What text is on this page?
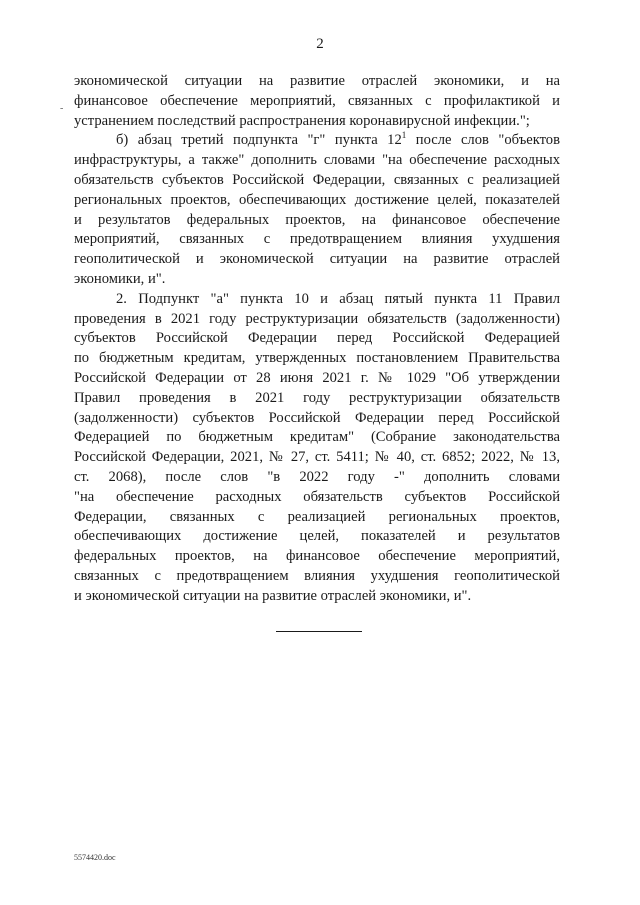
2
-

экономической ситуации на развитие отраслей экономики, и на
финансовое обеспечение мероприятий, связанных с профилактикой и
устранением последствий распространения коронавирусной инфекции.";

б) абзац третий подпункта "г" пункта $12^1$ после слов "объектов
инфраструктуры, а также" дополнить словами "на обеспечение расходных
обязательств субъектов Российской Федерации, связанных с реализацией
региональных проектов, обеспечивающих достижение целей, показателей
и результатов федеральных проектов, на финансовое обеспечение
мероприятий, связанных с предотвращением влияния ухудшения
геополитической и экономической ситуации на развитие отраслей
экономики, и".

2. Подпункт "а" пункта 10 и абзац пятый пункта 11 Правил
проведения в 2021 году реструктуризации обязательств (задолженности)
субъектов Российской Федерации перед Российской Федерацией
по бюджетным кредитам, утвержденных постановлением Правительства
Российской Федерации от 28 июня 2021 г. № 1029 "Об утверждении
Правил проведения в 2021 году реструктуризации обязательств
(задолженности) субъектов Российской Федерации перед Российской
Федерацией по бюджетным кредитам" (Собрание законодательства
Российской Федерации, 2021, № 27, ст. 5411; № 40, ст. 6852; 2022, № 13,
ст. 2068), после слов "в 2022 году -" дополнить словами
"на обеспечение расходных обязательств субъектов Российской
Федерации, связанных с реализацией региональных проектов,
обеспечивающих достижение целей, показателей и результатов
федеральных проектов, на финансовое обеспечение мероприятий,
связанных с предотвращением влияния ухудшения геополитической
и экономической ситуации на развитие отраслей экономики, и".

5574420.doc
